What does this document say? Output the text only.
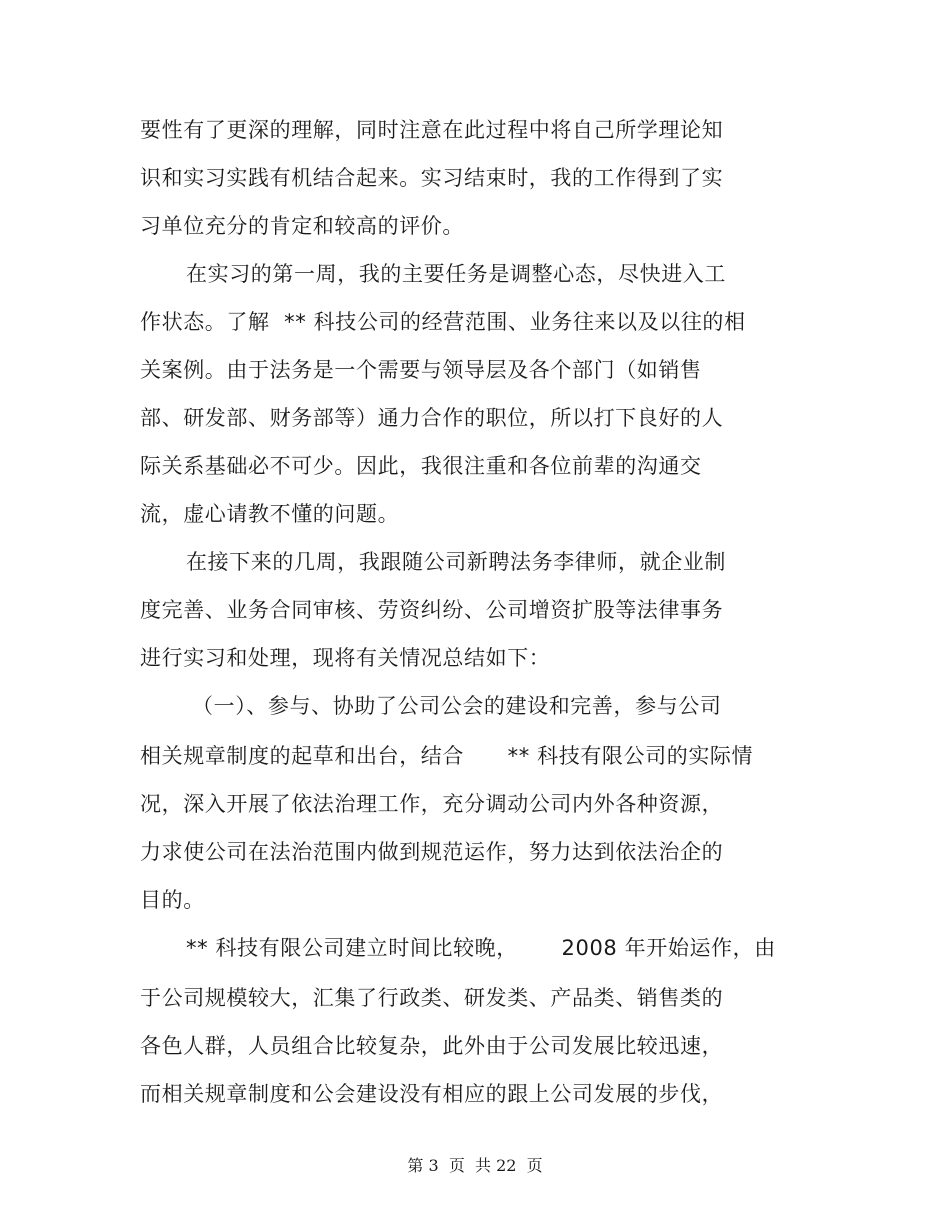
要性有了更深的理解，同时注意在此过程中将自己所学理论知
识和实习实践有机结合起来。实习结束时，我的工作得到了实
习单位充分的肯定和较高的评价。
在实习的第一周，我的主要任务是调整心态，尽快进入工
作状态。了解  ** 科技公司的经营范围、业务往来以及以往的相
关案例。由于法务是一个需要与领导层及各个部门（如销售
部、研发部、财务部等）通力合作的职位，所以打下良好的人
际关系基础必不可少。因此，我很注重和各位前辈的沟通交
流，虚心请教不懂的问题。
在接下来的几周，我跟随公司新聘法务李律师，就企业制
度完善、业务合同审核、劳资纠纷、公司增资扩股等法律事务
进行实习和处理，现将有关情况总结如下：
（一）、参与、协助了公司公会的建设和完善，参与公司
相关规章制度的起草和出台，结合      ** 科技有限公司的实际情
况，深入开展了依法治理工作，充分调动公司内外各种资源，
力求使公司在法治范围内做到规范运作，努力达到依法治企的
目的。
** 科技有限公司建立时间比较晚，      2008 年开始运作，由
于公司规模较大，汇集了行政类、研发类、产品类、销售类的
各色人群，人员组合比较复杂，此外由于公司发展比较迅速，
而相关规章制度和公会建设没有相应的跟上公司发展的步伐，
第 3  页  共 22  页
